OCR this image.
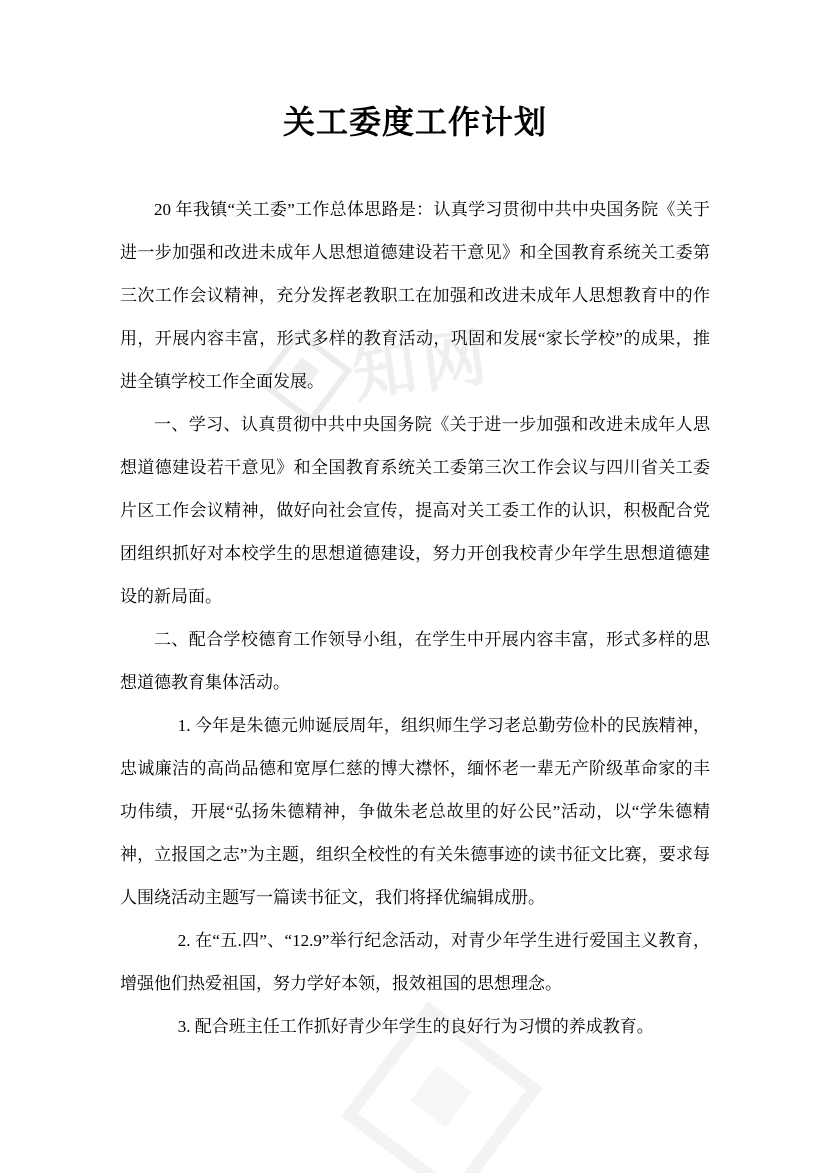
知网
关工委度工作计划

20 年我镇“关工委”工作总体思路是：认真学习贯彻中共中央国务院《关于进一步加强和改进未成年人思想道德建设若干意见》和全国教育系统关工委第三次工作会议精神，充分发挥老教职工在加强和改进未成年人思想教育中的作用，开展内容丰富，形式多样的教育活动，巩固和发展“家长学校”的成果，推进全镇学校工作全面发展。

一、学习、认真贯彻中共中央国务院《关于进一步加强和改进未成年人思想道德建设若干意见》和全国教育系统关工委第三次工作会议与四川省关工委片区工作会议精神，做好向社会宣传，提高对关工委工作的认识，积极配合党团组织抓好对本校学生的思想道德建设，努力开创我校青少年学生思想道德建设的新局面。

二、配合学校德育工作领导小组，在学生中开展内容丰富，形式多样的思想道德教育集体活动。

1. 今年是朱德元帅诞辰周年，组织师生学习老总勤劳俭朴的民族精神，忠诚廉洁的高尚品德和宽厚仁慈的博大襟怀，缅怀老一辈无产阶级革命家的丰功伟绩，开展“弘扬朱德精神，争做朱老总故里的好公民”活动，以“学朱德精神，立报国之志”为主题，组织全校性的有关朱德事迹的读书征文比赛，要求每人围绕活动主题写一篇读书征文，我们将择优编辑成册。

2. 在“五.四”、“12.9”举行纪念活动，对青少年学生进行爱国主义教育，增强他们热爱祖国，努力学好本领，报效祖国的思想理念。

3. 配合班主任工作抓好青少年学生的良好行为习惯的养成教育。
